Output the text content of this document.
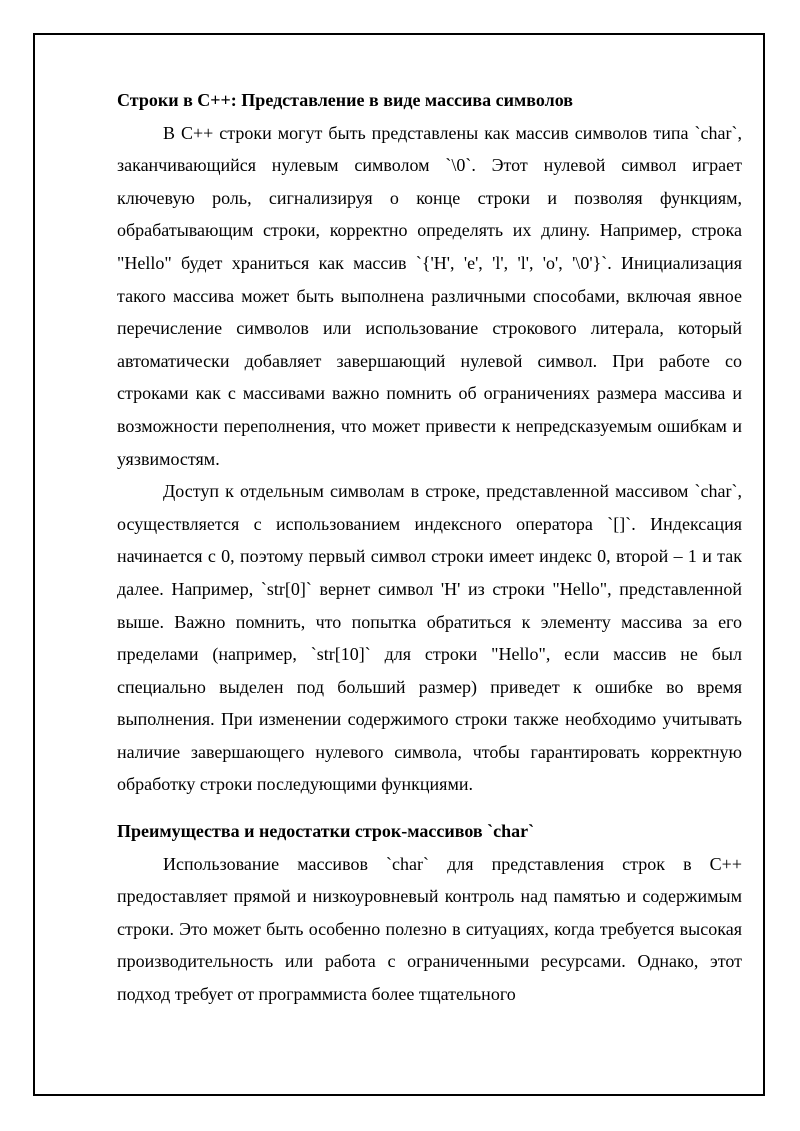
Строки в C++: Представление в виде массива символов

В C++ строки могут быть представлены как массив символов типа `char`, заканчивающийся нулевым символом `\0`. Этот нулевой символ играет ключевую роль, сигнализируя о конце строки и позволяя функциям, обрабатывающим строки, корректно определять их длину. Например, строка "Hello" будет храниться как массив `{'H', 'e', 'l', 'l', 'o', '\0'}`. Инициализация такого массива может быть выполнена различными способами, включая явное перечисление символов или использование строкового литерала, который автоматически добавляет завершающий нулевой символ. При работе со строками как с массивами важно помнить об ограничениях размера массива и возможности переполнения, что может привести к непредсказуемым ошибкам и уязвимостям.

Доступ к отдельным символам в строке, представленной массивом `char`, осуществляется с использованием индексного оператора `[]`. Индексация начинается с 0, поэтому первый символ строки имеет индекс 0, второй – 1 и так далее. Например, `str[0]` вернет символ 'H' из строки "Hello", представленной выше. Важно помнить, что попытка обратиться к элементу массива за его пределами (например, `str[10]` для строки "Hello", если массив не был специально выделен под больший размер) приведет к ошибке во время выполнения. При изменении содержимого строки также необходимо учитывать наличие завершающего нулевого символа, чтобы гарантировать корректную обработку строки последующими функциями.

Преимущества и недостатки строк-массивов `char`

Использование массивов `char` для представления строк в C++ предоставляет прямой и низкоуровневый контроль над памятью и содержимым строки. Это может быть особенно полезно в ситуациях, когда требуется высокая производительность или работа с ограниченными ресурсами. Однако, этот подход требует от программиста более тщательного
